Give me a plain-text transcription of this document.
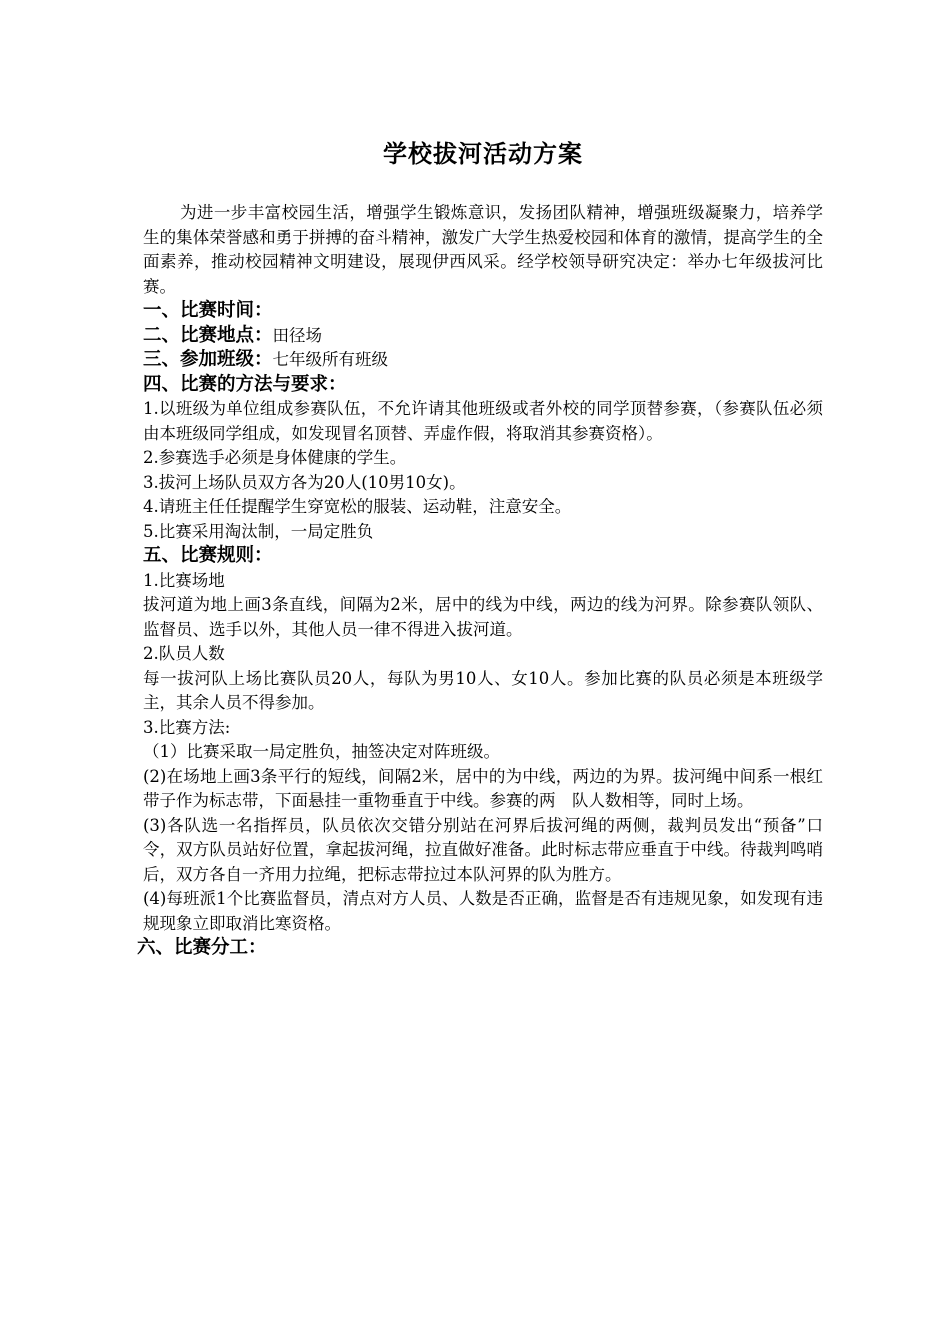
学校拔河活动方案

为进一步丰富校园生活，增强学生锻炼意识，发扬团队精神，增强班级凝聚力，培养学生的集体荣誉感和勇于拼搏的奋斗精神，激发广大学生热爱校园和体育的激情，提高学生的全面素养，推动校园精神文明建设，展现伊西风采。经学校领导研究决定：举办七年级拔河比赛。

一、比赛时间：

二、比赛地点：田径场

三、参加班级：七年级所有班级

四、比赛的方法与要求：

1.以班级为单位组成参赛队伍，不允许请其他班级或者外校的同学顶替参赛，（参赛队伍必须由本班级同学组成，如发现冒名顶替、弄虚作假，将取消其参赛资格）。

2.参赛选手必须是身体健康的学生。

3.拔河上场队员双方各为20人(10男10女)。

4.请班主任任提醒学生穿宽松的服装、运动鞋，注意安全。

5.比赛采用淘汰制，一局定胜负

五、比赛规则：

1.比赛场地

拔河道为地上画3条直线，间隔为2米，居中的线为中线，两边的线为河界。除参赛队领队、监督员、选手以外，其他人员一律不得进入拔河道。

2.队员人数

每一拔河队上场比赛队员20人，每队为男10人、女10人。参加比赛的队员必须是本班级学主，其余人员不得参加。

3.比赛方法:

（1）比赛采取一局定胜负，抽签决定对阵班级。

(2)在场地上画3条平行的短线，间隔2米，居中的为中线，两边的为界。拔河绳中间系一根红带子作为标志带，下面悬挂一重物垂直于中线。参赛的两　队人数相等，同时上场。

(3)各队选一名指挥员，队员依次交错分别站在河界后拔河绳的两侧，裁判员发出“预备”口令，双方队员站好位置，拿起拔河绳，拉直做好准备。此时标志带应垂直于中线。待裁判鸣哨后，双方各自一齐用力拉绳，把标志带拉过本队河界的队为胜方。

(4)每班派1个比赛监督员，清点对方人员、人数是否正确，监督是否有违规见象，如发现有违规现象立即取消比寒资格。

六、比赛分工：
